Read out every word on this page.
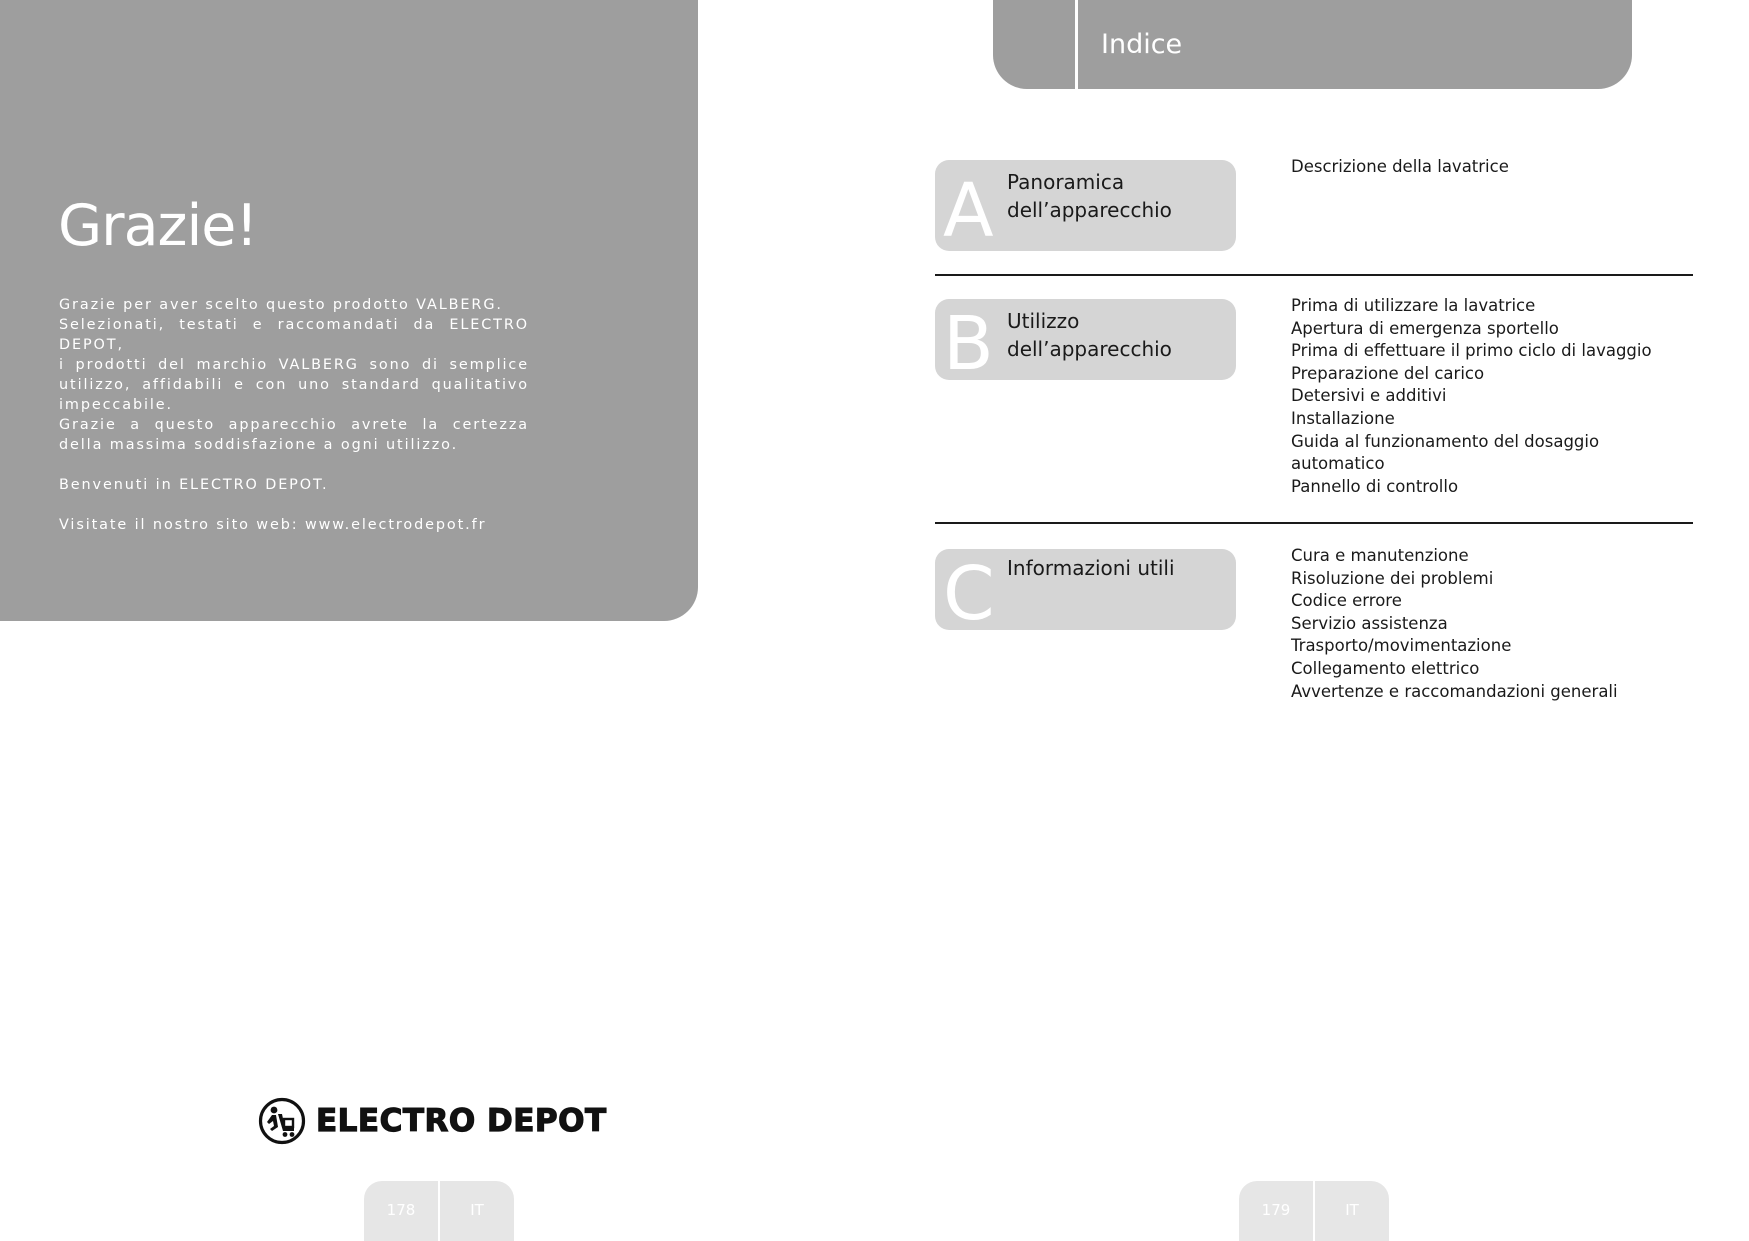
Grazie!

Grazie per aver scelto questo prodotto VALBERG.

Selezionati, testati e raccomandati da ELECTRO DEPOT,

i prodotti del marchio VALBERG sono di semplice utilizzo, affidabili e con uno standard qualitativo impeccabile.

Grazie a questo apparecchio avrete la certezza della massima soddisfazione a ogni utilizzo.

Benvenuti in ELECTRO DEPOT.

Visitate il nostro sito web: www.electrodepot.fr

ELECTRO DEPOT
178	IT
Indice
A Panoramica dell’apparecchio
Descrizione della lavatrice
B Utilizzo dell’apparecchio
Prima di utilizzare la lavatrice
Apertura di emergenza sportello
Prima di effettuare il primo ciclo di lavaggio
Preparazione del carico
Detersivi e additivi
Installazione
Guida al funzionamento del dosaggio automatico
Pannello di controllo
C Informazioni utili
Cura e manutenzione
Risoluzione dei problemi
Codice errore
Servizio assistenza
Trasporto/movimentazione
Collegamento elettrico
Avvertenze e raccomandazioni generali
179	IT
